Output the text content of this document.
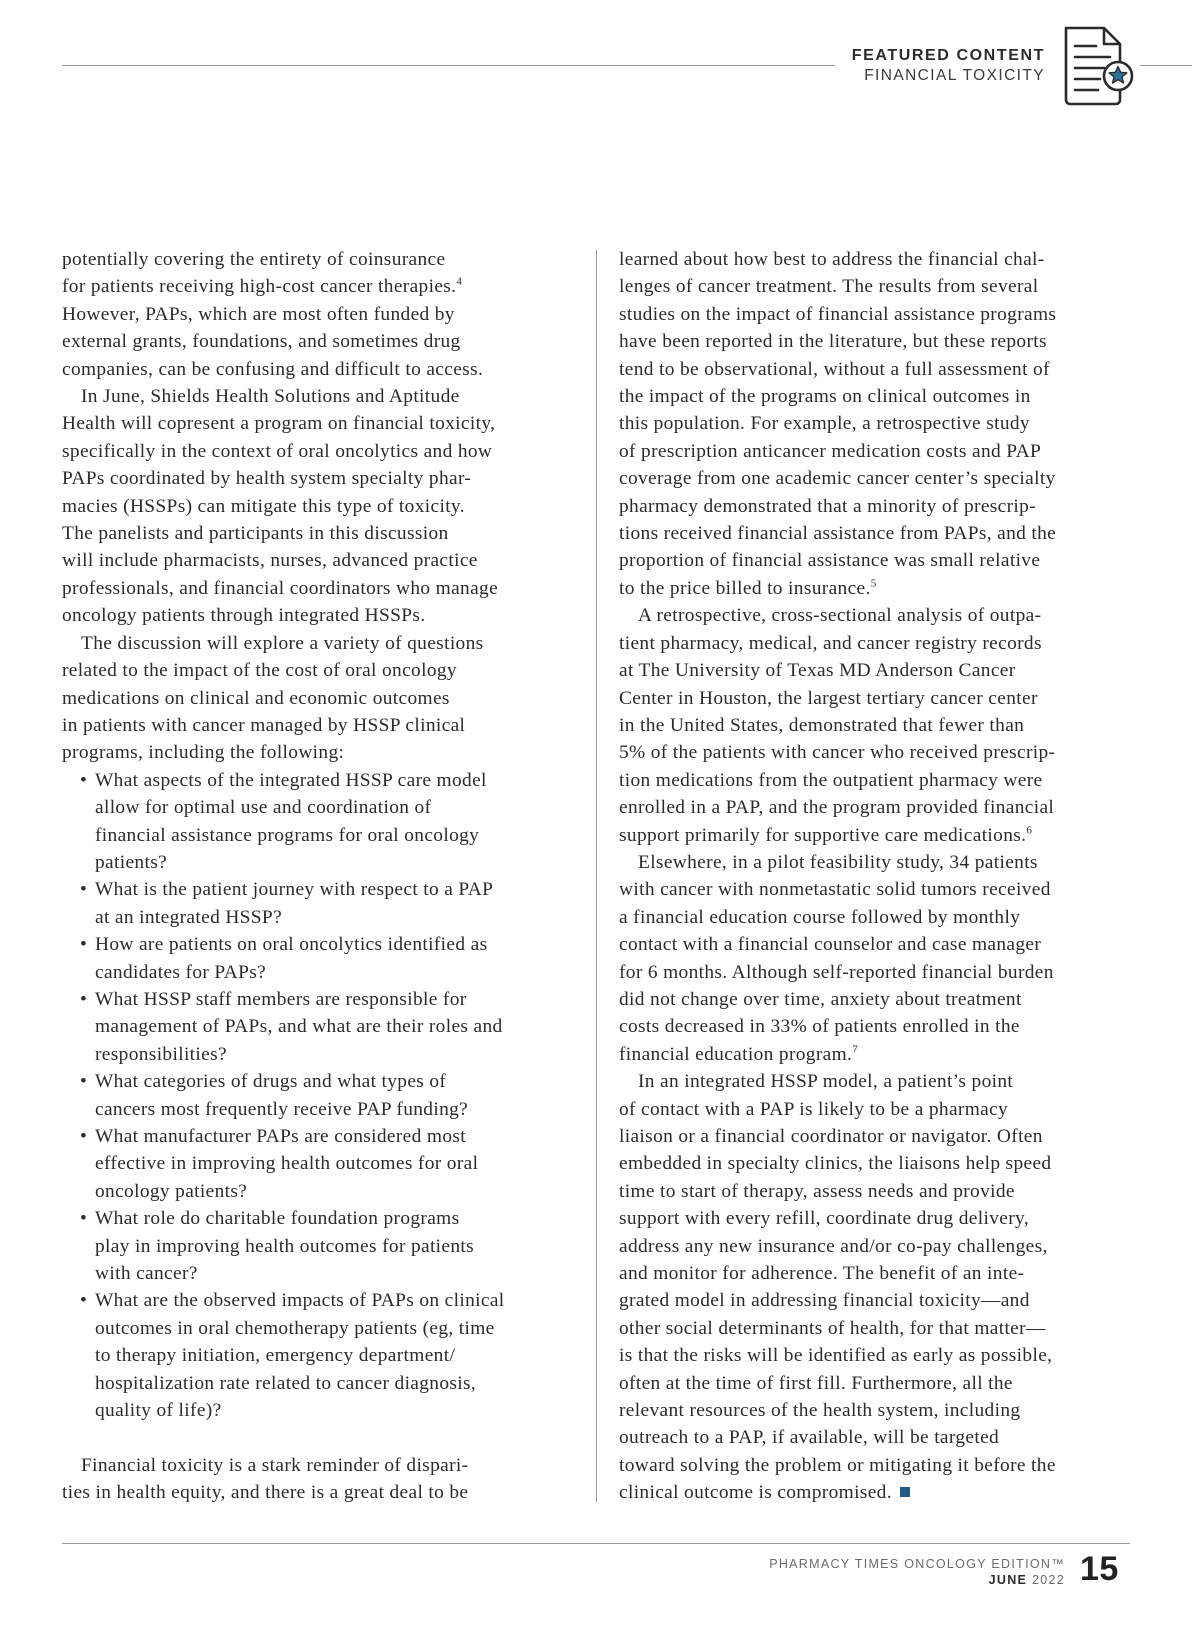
FEATURED CONTENT
FINANCIAL TOXICITY

potentially covering the entirety of coinsurance

for patients receiving high-cost cancer therapies.$^4$

However, PAPs, which are most often funded by

external grants, foundations, and sometimes drug

companies, can be confusing and difficult to access.

In June, Shields Health Solutions and Aptitude

Health will copresent a program on financial toxicity,

specifically in the context of oral oncolytics and how

PAPs coordinated by health system specialty phar-

macies (HSSPs) can mitigate this type of toxicity.

The panelists and participants in this discussion

will include pharmacists, nurses, advanced practice

professionals, and financial coordinators who manage

oncology patients through integrated HSSPs.

The discussion will explore a variety of questions

related to the impact of the cost of oral oncology

medications on clinical and economic outcomes

in patients with cancer managed by HSSP clinical

programs, including the following:

• What aspects of the integrated HSSP care model
allow for optimal use and coordination of
financial assistance programs for oral oncology
patients?
• What is the patient journey with respect to a PAP
at an integrated HSSP?
• How are patients on oral oncolytics identified as
candidates for PAPs?
• What HSSP staff members are responsible for
management of PAPs, and what are their roles and
responsibilities?
• What categories of drugs and what types of
cancers most frequently receive PAP funding?
• What manufacturer PAPs are considered most
effective in improving health outcomes for oral
oncology patients?
• What role do charitable foundation programs
play in improving health outcomes for patients
with cancer?
• What are the observed impacts of PAPs on clinical
outcomes in oral chemotherapy patients (eg, time
to therapy initiation, emergency department/
hospitalization rate related to cancer diagnosis,
quality of life)?

Financial toxicity is a stark reminder of dispari-

ties in health equity, and there is a great deal to be

learned about how best to address the financial chal-

lenges of cancer treatment. The results from several

studies on the impact of financial assistance programs

have been reported in the literature, but these reports

tend to be observational, without a full assessment of

the impact of the programs on clinical outcomes in

this population. For example, a retrospective study

of prescription anticancer medication costs and PAP

coverage from one academic cancer center’s specialty

pharmacy demonstrated that a minority of prescrip-

tions received financial assistance from PAPs, and the

proportion of financial assistance was small relative

to the price billed to insurance.$^5$

A retrospective, cross-sectional analysis of outpa-

tient pharmacy, medical, and cancer registry records

at The University of Texas MD Anderson Cancer

Center in Houston, the largest tertiary cancer center

in the United States, demonstrated that fewer than

5% of the patients with cancer who received prescrip-

tion medications from the outpatient pharmacy were

enrolled in a PAP, and the program provided financial

support primarily for supportive care medications.$^6$

Elsewhere, in a pilot feasibility study, 34 patients

with cancer with nonmetastatic solid tumors received

a financial education course followed by monthly

contact with a financial counselor and case manager

for 6 months. Although self-reported financial burden

did not change over time, anxiety about treatment

costs decreased in 33% of patients enrolled in the

financial education program.$^7$

In an integrated HSSP model, a patient’s point

of contact with a PAP is likely to be a pharmacy

liaison or a financial coordinator or navigator. Often

embedded in specialty clinics, the liaisons help speed

time to start of therapy, assess needs and provide

support with every refill, coordinate drug delivery,

address any new insurance and/or co-pay challenges,

and monitor for adherence. The benefit of an inte-

grated model in addressing financial toxicity—and

other social determinants of health, for that matter—

is that the risks will be identified as early as possible,

often at the time of first fill. Furthermore, all the

relevant resources of the health system, including

outreach to a PAP, if available, will be targeted

toward solving the problem or mitigating it before the

clinical outcome is compromised.

PHARMACY TIMES ONCOLOGY EDITION™
JUNE 2022 15
